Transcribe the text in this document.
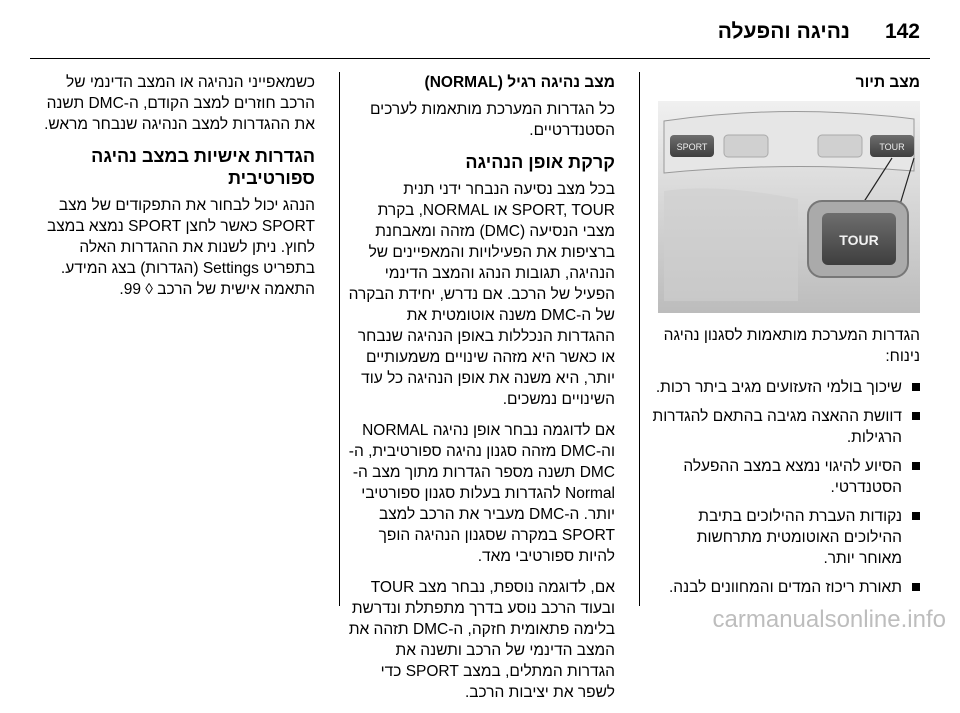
142
נהיגה והפעלה
מצב תיור
SPORT	TOUR
TOUR

הגדרות המערכת מותאמות לסגנון נהיגה נינוח:

שיכוך בולמי הזעזועים מגיב ביתר רכות.
דוושת ההאצה מגיבה בהתאם להגדרות הרגילות.
הסיוע להיגוי נמצא במצב ההפעלה הסטנדרטי.
נקודות העברת ההילוכים בתיבת ההילוכים האוטומטית מתרחשות מאוחר יותר.
תאורת ריכוז המדים והמחוונים לבנה.
מצב נהיגה רגיל (NORMAL)

כל הגדרות המערכת מותאמות לערכים הסטנדרטיים.

קרקת אופן הנהיגה

בכל מצב נסיעה הנבחר ידני תנית SPORT, TOUR או NORMAL, בקרת מצבי הנסיעה (DMC) מזהה ומאבחנת ברציפות את הפעילויות והמאפיינים של הנהיגה, תגובות הנהג והמצב הדינמי הפעיל של הרכב. אם נדרש, יחידת הבקרה של ה-DMC משנה אוטומטית את ההגדרות הנכללות באופן הנהיגה שנבחר או כאשר היא מזהה שינויים משמעותיים יותר, היא משנה את אופן הנהיגה כל עוד השינויים נמשכים.

אם לדוגמה נבחר אופן נהיגה NORMAL וה-DMC מזהה סגנון נהיגה ספורטיבית, ה-DMC תשנה מספר הגדרות מתוך מצב ה-Normal להגדרות בעלות סגנון ספורטיבי יותר. ה-DMC מעביר את הרכב למצב SPORT במקרה שסגנון הנהיגה הופך להיות ספורטיבי מאד.

אם, לדוגמה נוספת, נבחר מצב TOUR ובעוד הרכב נוסע בדרך מתפתלת ונדרשת בלימה פתאומית חזקה, ה-DMC תזהה את המצב הדינמי של הרכב ותשנה את הגדרות המתלים, במצב SPORT כדי לשפר את יציבות הרכב.

כשמאפייני הנהיגה או המצב הדינמי של הרכב חוזרים למצב הקודם, ה-DMC תשנה את ההגדרות למצב הנהיגה שנבחר מראש.

הגדרות אישיות במצב נהיגה ספורטיבית

הנהג יכול לבחור את התפקודים של מצב SPORT כאשר לחצן SPORT נמצא במצב לחוץ. ניתן לשנות את ההגדרות האלה בתפריט Settings (הגדרות) בצג המידע. התאמה אישית של הרכב ◊ 99.

carmanualsonline.info
